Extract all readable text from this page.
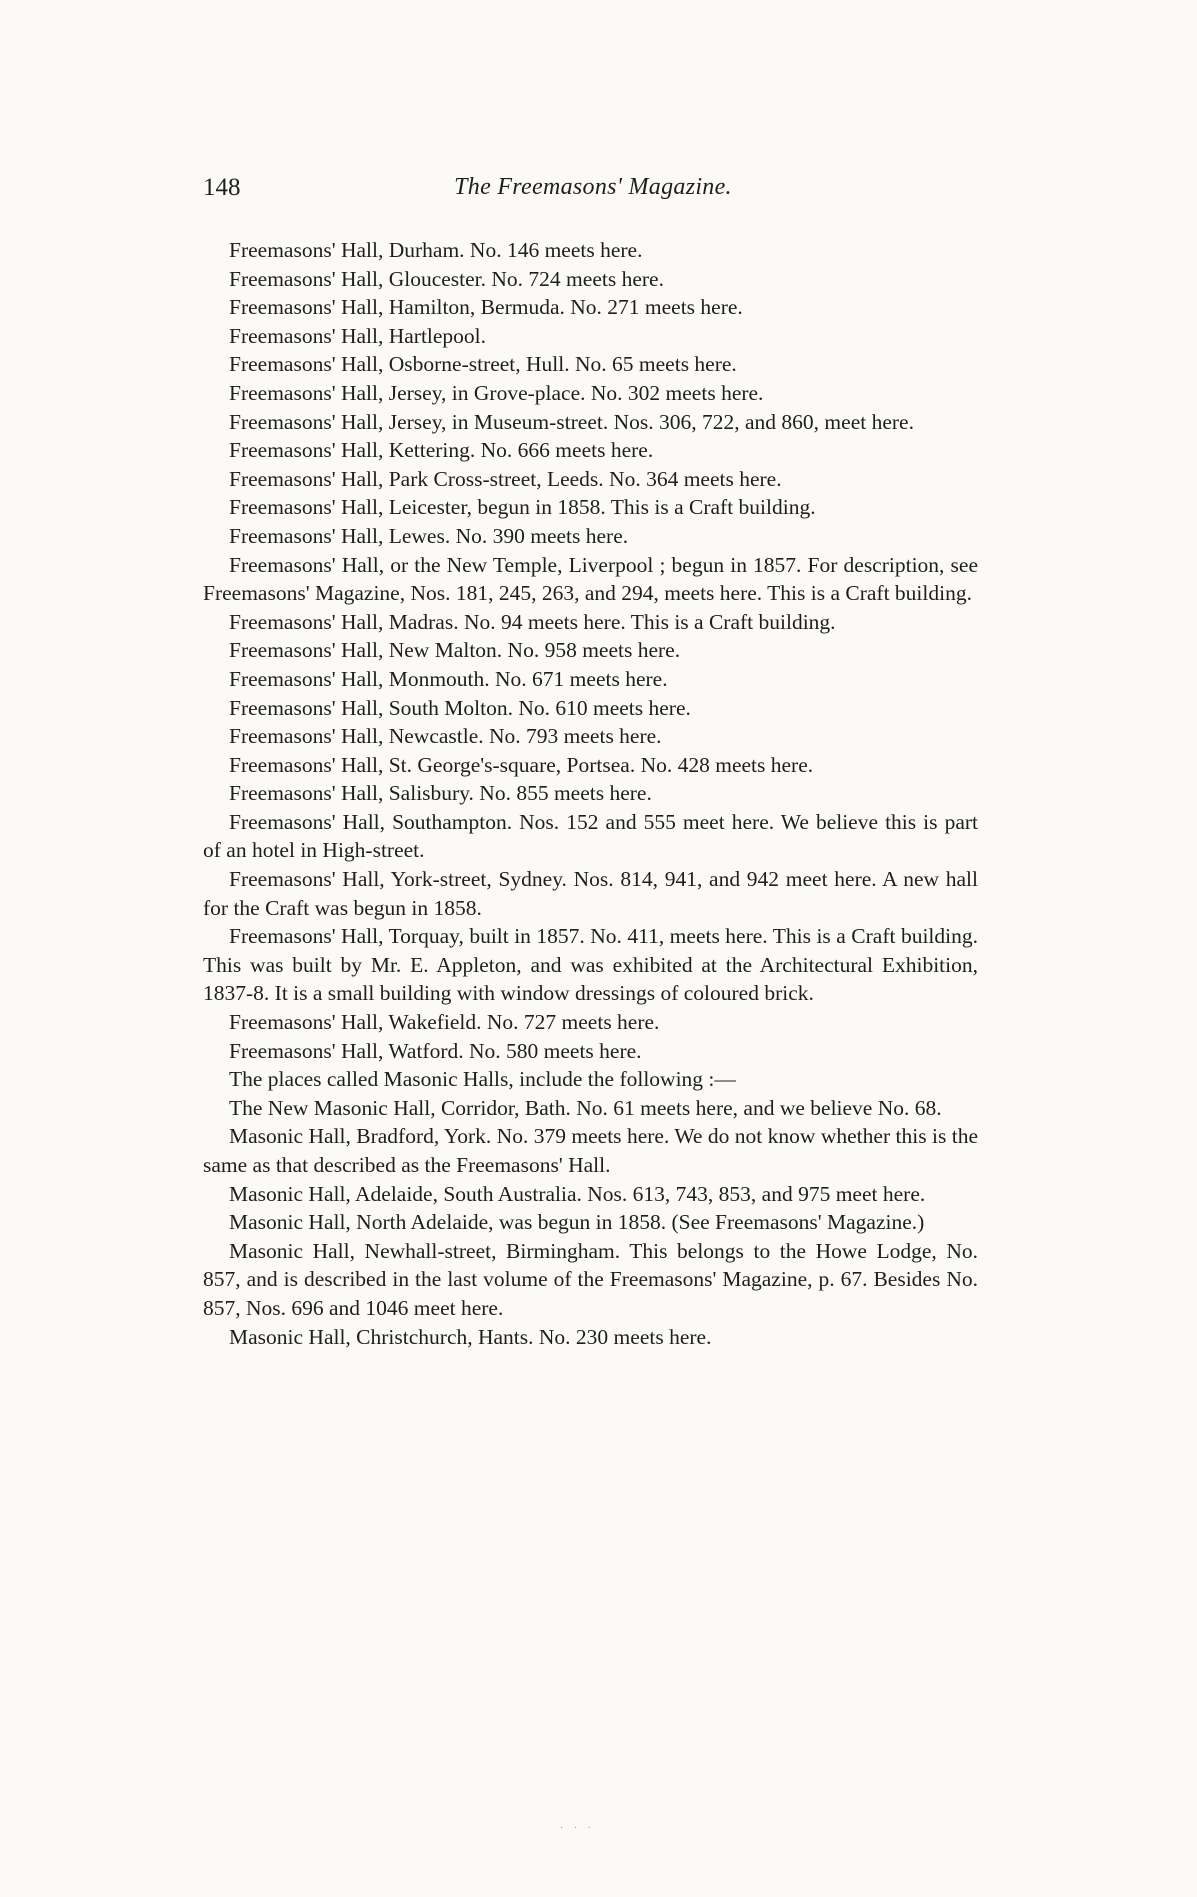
148	The Freemasons' Magazine.

Freemasons' Hall, Durham. No. 146 meets here.

Freemasons' Hall, Gloucester. No. 724 meets here.

Freemasons' Hall, Hamilton, Bermuda. No. 271 meets here.

Freemasons' Hall, Hartlepool.

Freemasons' Hall, Osborne-street, Hull. No. 65 meets here.

Freemasons' Hall, Jersey, in Grove-place. No. 302 meets here.

Freemasons' Hall, Jersey, in Museum-street. Nos. 306, 722, and 860, meet here.

Freemasons' Hall, Kettering. No. 666 meets here.

Freemasons' Hall, Park Cross-street, Leeds. No. 364 meets here.

Freemasons' Hall, Leicester, begun in 1858. This is a Craft building.

Freemasons' Hall, Lewes. No. 390 meets here.

Freemasons' Hall, or the New Temple, Liverpool ; begun in 1857. For description, see Freemasons' Magazine, Nos. 181, 245, 263, and 294, meets here. This is a Craft building.

Freemasons' Hall, Madras. No. 94 meets here. This is a Craft building.

Freemasons' Hall, New Malton. No. 958 meets here.

Freemasons' Hall, Monmouth. No. 671 meets here.

Freemasons' Hall, South Molton. No. 610 meets here.

Freemasons' Hall, Newcastle. No. 793 meets here.

Freemasons' Hall, St. George's-square, Portsea. No. 428 meets here.

Freemasons' Hall, Salisbury. No. 855 meets here.

Freemasons' Hall, Southampton. Nos. 152 and 555 meet here. We believe this is part of an hotel in High-street.

Freemasons' Hall, York-street, Sydney. Nos. 814, 941, and 942 meet here. A new hall for the Craft was begun in 1858.

Freemasons' Hall, Torquay, built in 1857. No. 411, meets here. This is a Craft building. This was built by Mr. E. Appleton, and was exhibited at the Architectural Exhibition, 1837-8. It is a small building with window dressings of coloured brick.

Freemasons' Hall, Wakefield. No. 727 meets here.

Freemasons' Hall, Watford. No. 580 meets here.

The places called Masonic Halls, include the following :—

The New Masonic Hall, Corridor, Bath. No. 61 meets here, and we believe No. 68.

Masonic Hall, Bradford, York. No. 379 meets here. We do not know whether this is the same as that described as the Freemasons' Hall.

Masonic Hall, Adelaide, South Australia. Nos. 613, 743, 853, and 975 meet here.

Masonic Hall, North Adelaide, was begun in 1858. (See Freemasons' Magazine.)

Masonic Hall, Newhall-street, Birmingham. This belongs to the Howe Lodge, No. 857, and is described in the last volume of the Freemasons' Magazine, p. 67. Besides No. 857, Nos. 696 and 1046 meet here.

Masonic Hall, Christchurch, Hants. No. 230 meets here.

· · ·
